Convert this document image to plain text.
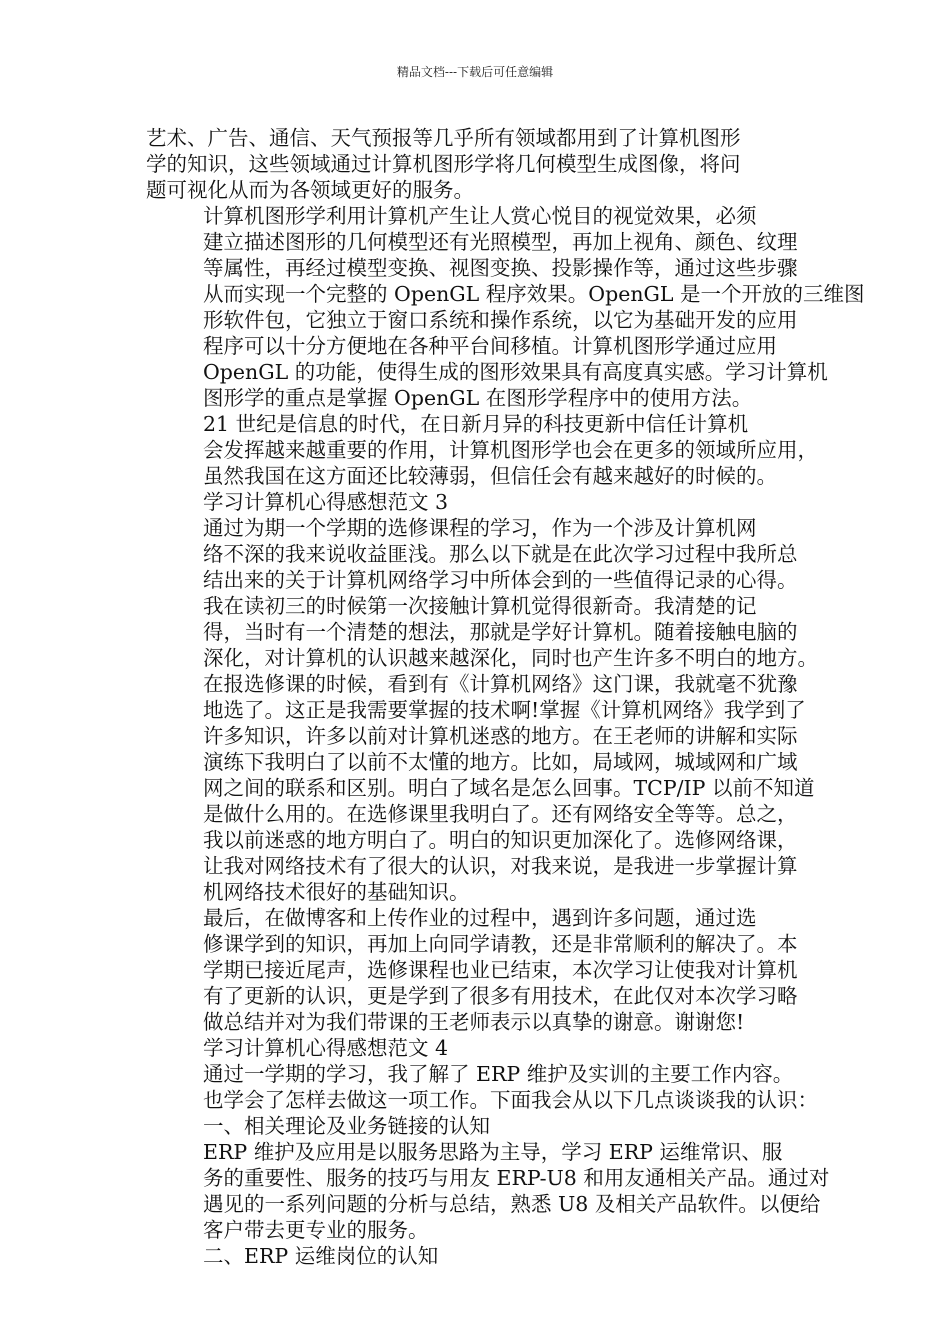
精品文档---下载后可任意编辑

艺术、广告、通信、天气预报等几乎所有领域都用到了计算机图形
学的知识，这些领域通过计算机图形学将几何模型生成图像，将问
题可视化从而为各领域更好的服务。

计算机图形学利用计算机产生让人赏心悦目的视觉效果，必须
建立描述图形的几何模型还有光照模型，再加上视角、颜色、纹理
等属性，再经过模型变换、视图变换、投影操作等，通过这些步骤
从而实现一个完整的 OpenGL 程序效果。OpenGL 是一个开放的三维图
形软件包，它独立于窗口系统和操作系统，以它为基础开发的应用
程序可以十分方便地在各种平台间移植。计算机图形学通过应用
OpenGL 的功能，使得生成的图形效果具有高度真实感。学习计算机
图形学的重点是掌握 OpenGL 在图形学程序中的使用方法。

21 世纪是信息的时代，在日新月异的科技更新中信任计算机
会发挥越来越重要的作用，计算机图形学也会在更多的领域所应用，
虽然我国在这方面还比较薄弱，但信任会有越来越好的时候的。

学习计算机心得感想范文 3

通过为期一个学期的选修课程的学习，作为一个涉及计算机网
络不深的我来说收益匪浅。那么以下就是在此次学习过程中我所总
结出来的关于计算机网络学习中所体会到的一些值得记录的心得。

我在读初三的时候第一次接触计算机觉得很新奇。我清楚的记
得，当时有一个清楚的想法，那就是学好计算机。随着接触电脑的
深化，对计算机的认识越来越深化，同时也产生许多不明白的地方。
在报选修课的时候，看到有《计算机网络》这门课，我就毫不犹豫
地选了。这正是我需要掌握的技术啊!掌握《计算机网络》我学到了
许多知识，许多以前对计算机迷惑的地方。在王老师的讲解和实际
演练下我明白了以前不太懂的地方。比如，局域网，城域网和广域
网之间的联系和区别。明白了域名是怎么回事。TCP/IP 以前不知道
是做什么用的。在选修课里我明白了。还有网络安全等等。总之，
我以前迷惑的地方明白了。明白的知识更加深化了。选修网络课，
让我对网络技术有了很大的认识，对我来说，是我进一步掌握计算
机网络技术很好的基础知识。

最后，在做博客和上传作业的过程中，遇到许多问题，通过选
修课学到的知识，再加上向同学请教，还是非常顺利的解决了。本
学期已接近尾声，选修课程也业已结束，本次学习让使我对计算机
有了更新的认识，更是学到了很多有用技术，在此仅对本次学习略
做总结并对为我们带课的王老师表示以真挚的谢意。谢谢您!

学习计算机心得感想范文 4

通过一学期的学习，我了解了 ERP 维护及实训的主要工作内容。
也学会了怎样去做这一项工作。下面我会从以下几点谈谈我的认识：

一、相关理论及业务链接的认知

ERP 维护及应用是以服务思路为主导，学习 ERP 运维常识、服
务的重要性、服务的技巧与用友 ERP-U8 和用友通相关产品。通过对
遇见的一系列问题的分析与总结，熟悉 U8 及相关产品软件。以便给
客户带去更专业的服务。

二、ERP 运维岗位的认知
